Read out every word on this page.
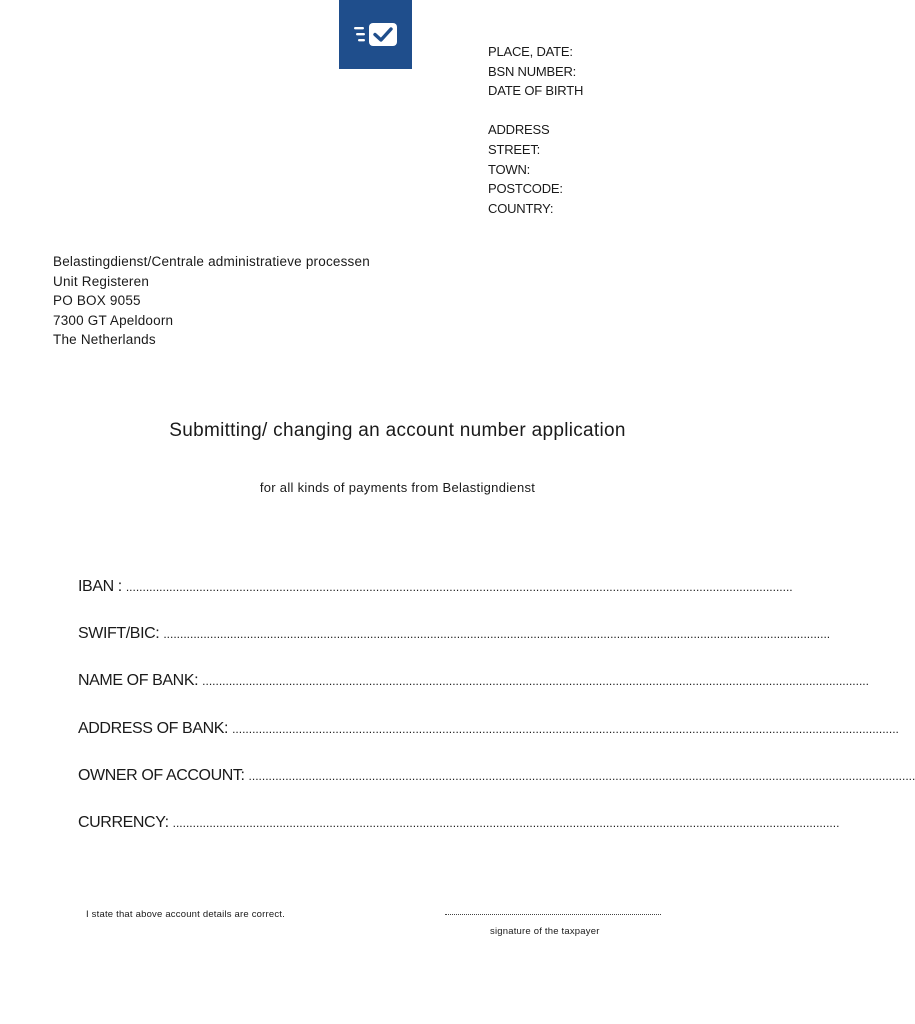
PLACE, DATE:
BSN NUMBER:
DATE OF BIRTH
ADDRESS
STREET:
TOWN:
POSTCODE:
COUNTRY:
Belastingdienst/Centrale administratieve processen
Unit Registeren
PO BOX 9055
7300 GT Apeldoorn
The Netherlands
Submitting/ changing an account number application
for all kinds of payments from Belastigndienst
IBAN : ........................................................................................................................................................................................................
SWIFT/BIC: ........................................................................................................................................................................................................
NAME OF BANK: ........................................................................................................................................................................................................
ADDRESS OF BANK: ........................................................................................................................................................................................................
OWNER OF ACCOUNT: ........................................................................................................................................................................................................
CURRENCY: ........................................................................................................................................................................................................
I state that above account details are correct.
signature of the taxpayer
